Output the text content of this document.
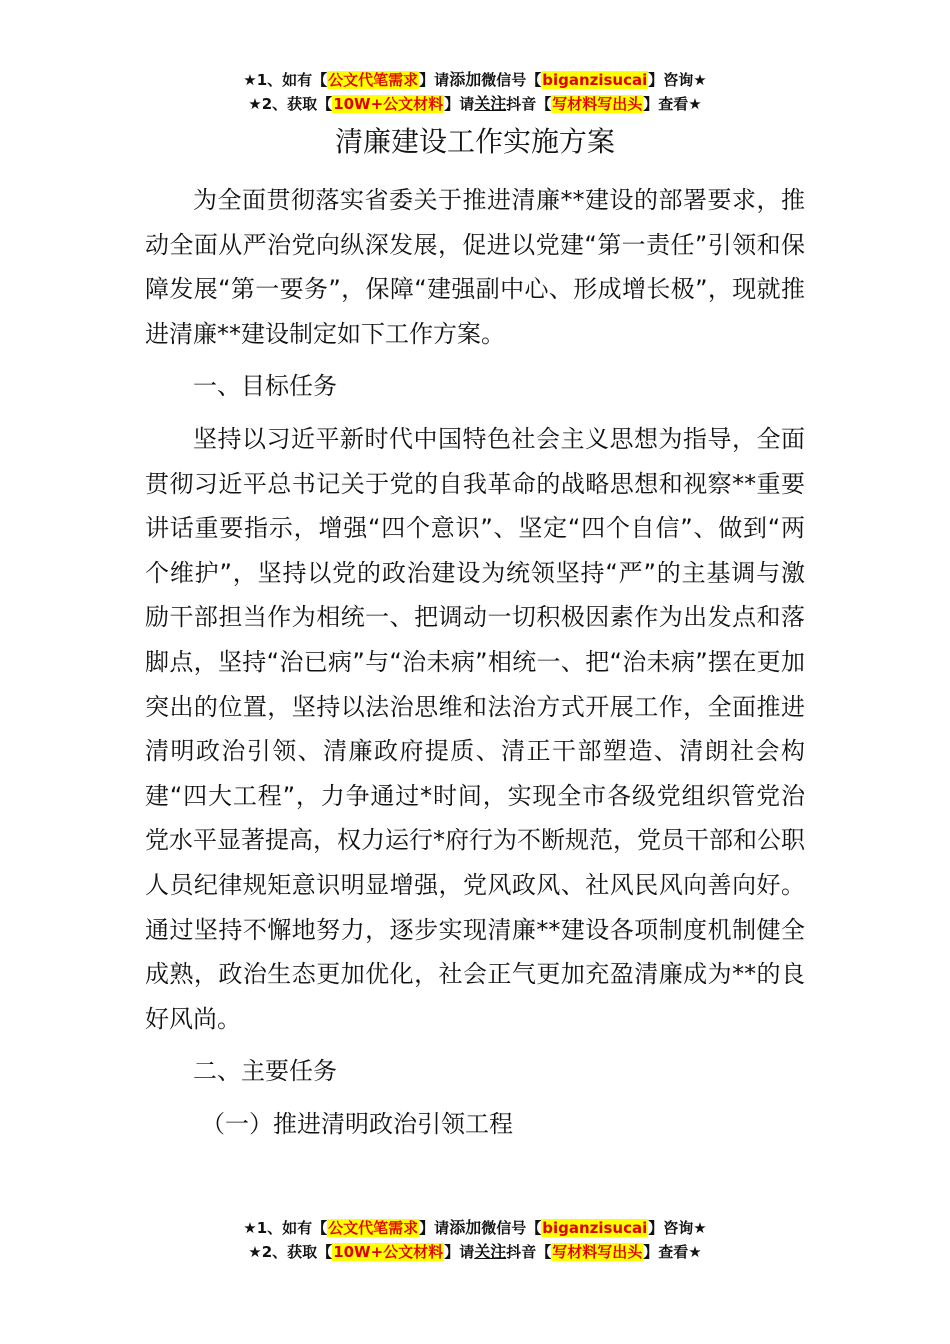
★1、如有【公文代笔需求】请添加微信号【biganzisucai】咨询★
★2、获取【10W+公文材料】请关注抖音【写材料写出头】查看★
清廉建设工作实施方案

为全面贯彻落实省委关于推进清廉**建设的部署要求，推动全面从严治党向纵深发展，促进以党建“第一责任”引领和保障发展“第一要务”，保障“建强副中心、形成增长极”，现就推进清廉**建设制定如下工作方案。

一、目标任务

坚持以习近平新时代中国特色社会主义思想为指导，全面贯彻习近平总书记关于党的自我革命的战略思想和视察**重要讲话重要指示，增强“四个意识”、坚定“四个自信”、做到“两个维护”，坚持以党的政治建设为统领坚持“严”的主基调与激励干部担当作为相统一、把调动一切积极因素作为出发点和落脚点，坚持“治已病”与“治未病”相统一、把“治未病”摆在更加突出的位置，坚持以法治思维和法治方式开展工作，全面推进清明政治引领、清廉政府提质、清正干部塑造、清朗社会构建“四大工程”，力争通过*时间，实现全市各级党组织管党治党水平显著提高，权力运行*府行为不断规范，党员干部和公职人员纪律规矩意识明显增强，党风政风、社风民风向善向好。通过坚持不懈地努力，逐步实现清廉**建设各项制度机制健全成熟，政治生态更加优化，社会正气更加充盈清廉成为**的良好风尚。

二、主要任务

（一）推进清明政治引领工程

★1、如有【公文代笔需求】请添加微信号【biganzisucai】咨询★
★2、获取【10W+公文材料】请关注抖音【写材料写出头】查看★
